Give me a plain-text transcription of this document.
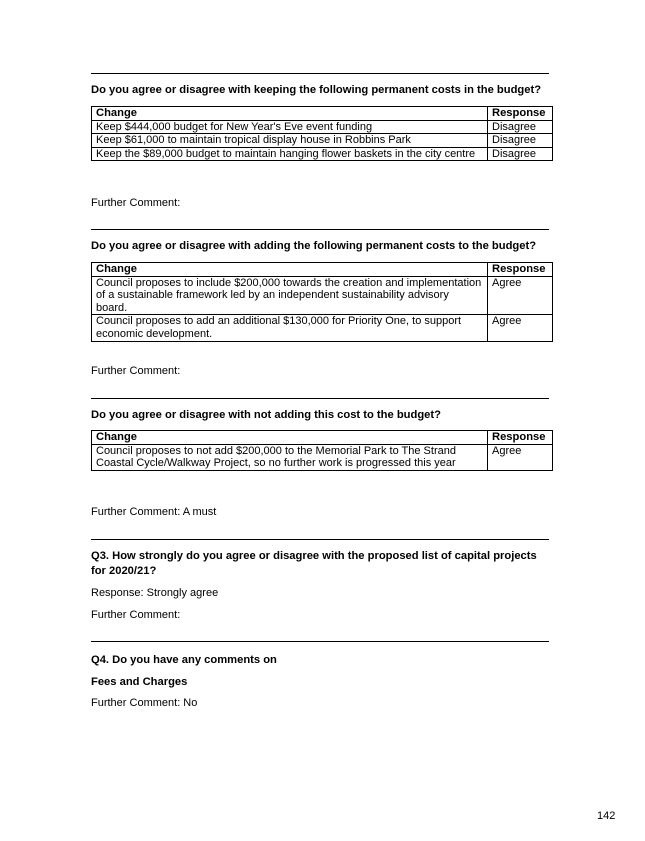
Do you agree or disagree with keeping the following permanent costs in the budget?
Change	Response
Keep $444,000 budget for New Year's Eve event funding	Disagree
Keep $61,000 to maintain tropical display house in Robbins Park	Disagree
Keep the $89,000 budget to maintain hanging flower baskets in the city centre	Disagree
Further Comment:
Do you agree or disagree with adding the following permanent costs to the budget?
Change	Response
Council proposes to include $200,000 towards the creation and implementation of a sustainable framework led by an independent sustainability advisory board.	Agree
Council proposes to add an additional $130,000 for Priority One, to support economic development.	Agree
Further Comment:
Do you agree or disagree with not adding this cost to the budget?
Change	Response
Council proposes to not add $200,000 to the Memorial Park to The Strand Coastal Cycle/Walkway Project, so no further work is progressed this year	Agree
Further Comment: A must
Q3. How strongly do you agree or disagree with the proposed list of capital projects for 2020/21?
Response: Strongly agree
Further Comment:
Q4. Do you have any comments on
Fees and Charges
Further Comment: No
142
